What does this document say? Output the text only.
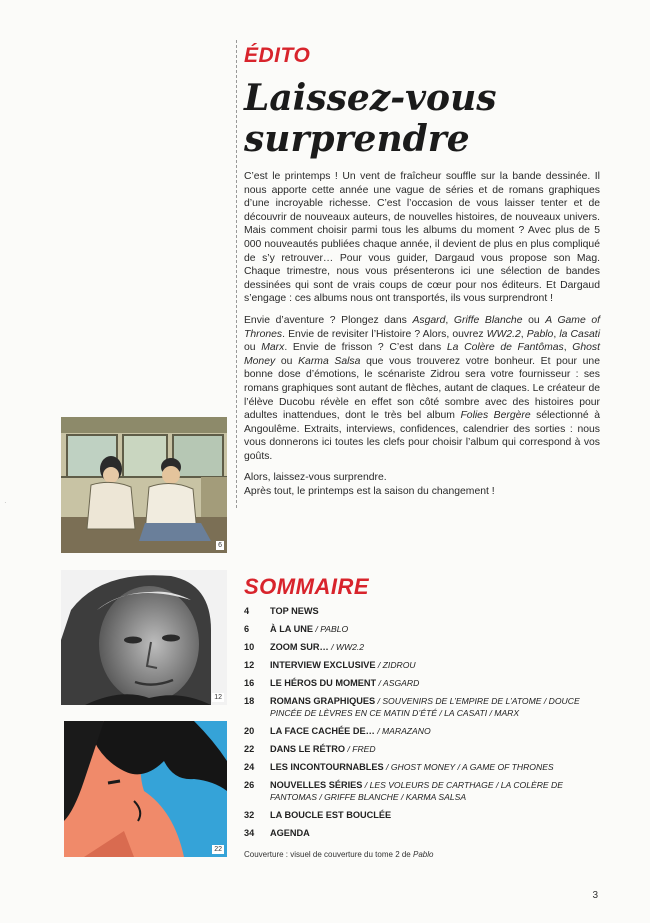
ÉDITO
Laissez-vous
surprendre

C’est le printemps ! Un vent de fraîcheur souffle sur la bande dessinée. Il nous apporte cette année une vague de séries et de romans graphiques d’une incroyable richesse. C’est l’occasion de vous laisser tenter et de découvrir de nouveaux auteurs, de nouvelles histoires, de nouveaux univers. Mais comment choisir parmi tous les albums du moment ? Avec plus de 5 000 nouveautés publiées chaque année, il devient de plus en plus compliqué de s’y retrouver… Pour vous guider, Dargaud vous propose son Mag. Chaque trimestre, nous vous présenterons ici une sélection de bandes dessinées qui sont de vrais coups de cœur pour nos éditeurs. Et Dargaud s’engage : ces albums nous ont transportés, ils vous surprendront !

Envie d’aventure ? Plongez dans Asgard, Griffe Blanche ou A Game of Thrones. Envie de revisiter l’Histoire ? Alors, ouvrez WW2.2, Pablo, la Casati ou Marx. Envie de frisson ? C’est dans La Colère de Fantômas, Ghost Money ou Karma Salsa que vous trouverez votre bonheur. Et pour une bonne dose d’émotions, le scénariste Zidrou sera votre fournisseur : ses romans graphiques sont autant de flèches, autant de claques. Le créateur de l’élève Ducobu révèle en effet son côté sombre avec des histoires pour adultes inattendues, dont le très bel album Folies Bergère sélectionné à Angoulême. Extraits, interviews, confidences, calendrier des sorties : nous vous donnerons ici toutes les clefs pour choisir l’album qui correspond à vos goûts.

Alors, laissez-vous surprendre.
Après tout, le printemps est la saison du changement !

·
6
SOMMAIRE
12
22
4	TOP NEWS
6	À LA UNE / PABLO
10	ZOOM SUR… / WW2.2
12	INTERVIEW EXCLUSIVE / ZIDROU
16	LE HÉROS DU MOMENT / ASGARD
18	ROMANS GRAPHIQUES / SOUVENIRS DE L’EMPIRE DE L’ATOME / DOUCE PINCÉE DE LÈVRES EN CE MATIN D’ÉTÉ / LA CASATI / MARX
20	LA FACE CACHÉE DE… / MARAZANO
22	DANS LE RÉTRO / FRED
24	LES INCONTOURNABLES / GHOST MONEY / A GAME OF THRONES
26	NOUVELLES SÉRIES / LES VOLEURS DE CARTHAGE / LA COLÈRE DE FANTOMAS / GRIFFE BLANCHE / KARMA SALSA
32	LA BOUCLE EST BOUCLÉE
34	AGENDA
Couverture : visuel de couverture du tome 2 de Pablo
3
